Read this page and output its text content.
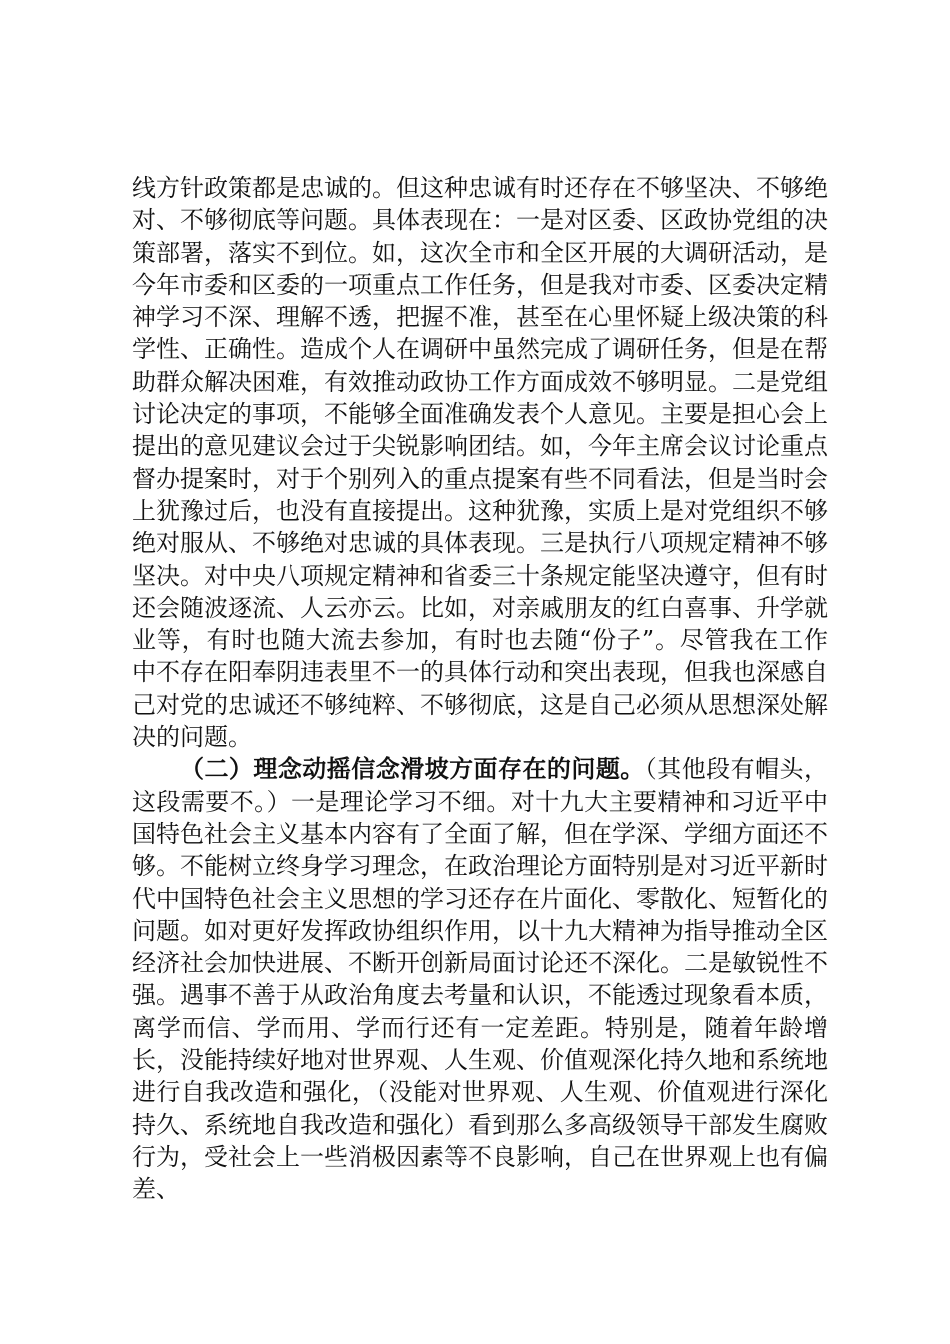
线方针政策都是忠诚的。但这种忠诚有时还存在不够坚决、不够绝对、不够彻底等问题。具体表现在：一是对区委、区政协党组的决策部署，落实不到位。如，这次全市和全区开展的大调研活动，是今年市委和区委的一项重点工作任务，但是我对市委、区委决定精神学习不深、理解不透，把握不准，甚至在心里怀疑上级决策的科学性、正确性。造成个人在调研中虽然完成了调研任务，但是在帮助群众解决困难，有效推动政协工作方面成效不够明显。二是党组讨论决定的事项，不能够全面准确发表个人意见。主要是担心会上提出的意见建议会过于尖锐影响团结。如，今年主席会议讨论重点督办提案时，对于个别列入的重点提案有些不同看法，但是当时会上犹豫过后，也没有直接提出。这种犹豫，实质上是对党组织不够绝对服从、不够绝对忠诚的具体表现。三是执行八项规定精神不够坚决。对中央八项规定精神和省委三十条规定能坚决遵守，但有时还会随波逐流、人云亦云。比如，对亲戚朋友的红白喜事、升学就业等，有时也随大流去参加，有时也去随“份子”。尽管我在工作中不存在阳奉阴违表里不一的具体行动和突出表现，但我也深感自己对党的忠诚还不够纯粹、不够彻底，这是自己必须从思想深处解决的问题。

（二）理念动摇信念滑坡方面存在的问题。（其他段有帽头，这段需要不。）一是理论学习不细。对十九大主要精神和习近平中国特色社会主义基本内容有了全面了解，但在学深、学细方面还不够。不能树立终身学习理念，在政治理论方面特别是对习近平新时代中国特色社会主义思想的学习还存在片面化、零散化、短暂化的问题。如对更好发挥政协组织作用，以十九大精神为指导推动全区经济社会加快进展、不断开创新局面讨论还不深化。二是敏锐性不强。遇事不善于从政治角度去考量和认识，不能透过现象看本质，离学而信、学而用、学而行还有一定差距。特别是，随着年龄增长，没能持续好地对世界观、人生观、价值观深化持久地和系统地进行自我改造和强化，（没能对世界观、人生观、价值观进行深化持久、系统地自我改造和强化）看到那么多高级领导干部发生腐败行为，受社会上一些消极因素等不良影响，自己在世界观上也有偏差、
